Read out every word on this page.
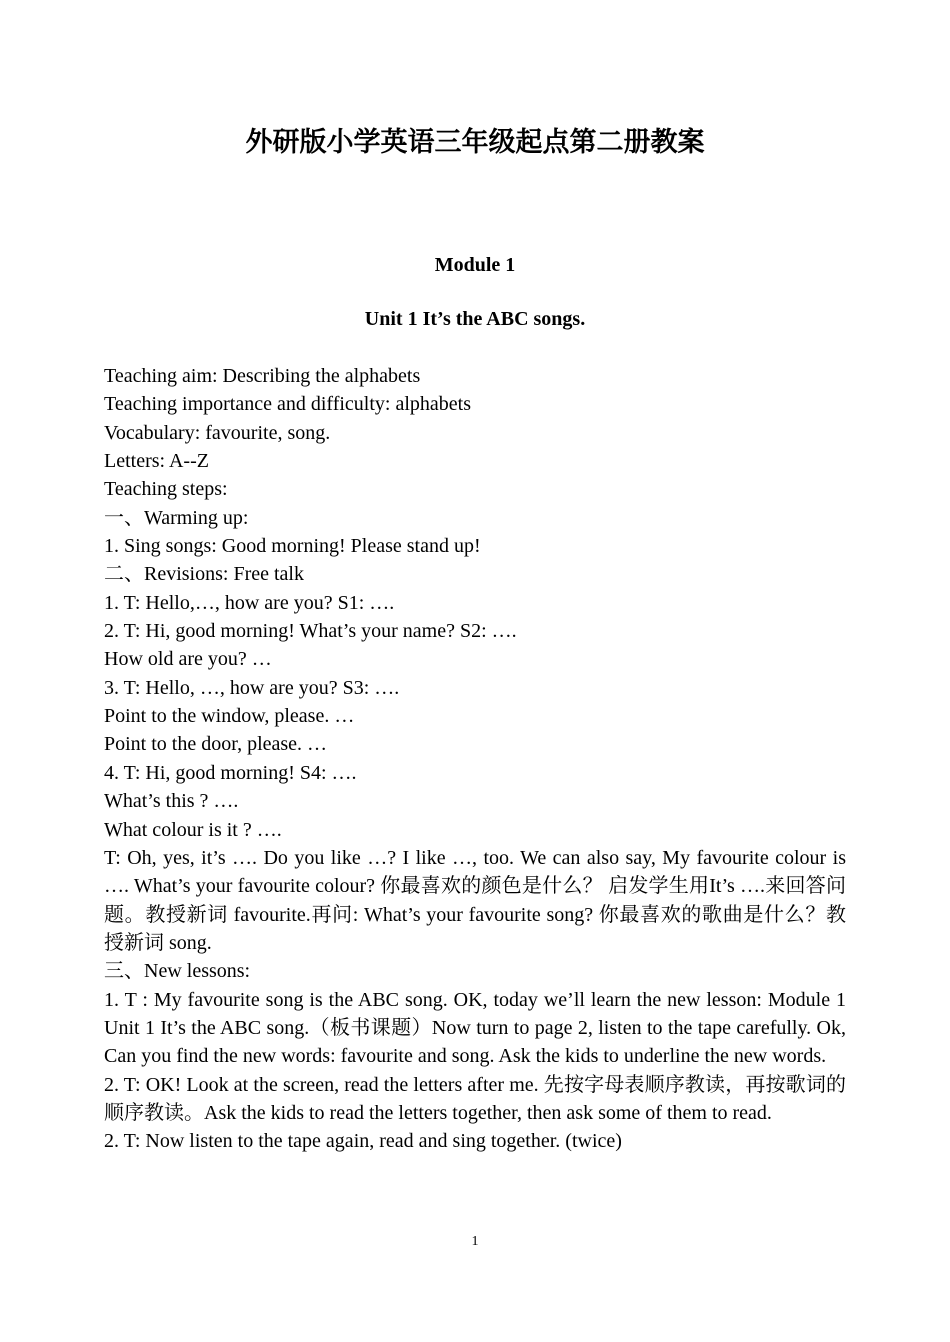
外研版小学英语三年级起点第二册教案
Module 1
Unit 1 It’s the ABC songs.

Teaching aim: Describing the alphabets

Teaching importance and difficulty: alphabets

Vocabulary: favourite, song.

Letters: A--Z

Teaching steps:

一、Warming up:

1. Sing songs: Good morning! Please stand up!

二、Revisions: Free talk

1. T: Hello,…, how are you? S1: ….

2. T: Hi, good morning! What’s your name? S2: ….

How old are you? …

3. T: Hello, …, how are you? S3: ….

Point to the window, please. …

Point to the door, please. …

4. T: Hi, good morning! S4: ….

What’s this ? ….

What colour is it ? ….

T: Oh, yes, it’s …. Do you like …? I like …, too. We can also say, My favourite colour is …. What’s your favourite colour? 你最喜欢的颜色是什么？ 启发学生用It’s ….来回答问题。教授新词 favourite.再问: What’s your favourite song? 你最喜欢的歌曲是什么？教授新词 song.

三、New lessons:

1. T : My favourite song is the ABC song. OK, today we’ll learn the new lesson: Module 1 Unit 1 It’s the ABC song.（板书课题）Now turn to page 2, listen to the tape carefully. Ok, Can you find the new words: favourite and song. Ask the kids to underline the new words.

2. T: OK! Look at the screen, read the letters after me. 先按字母表顺序教读，再按歌词的顺序教读。Ask the kids to read the letters together, then ask some of them to read.

2. T: Now listen to the tape again, read and sing together. (twice)

1
